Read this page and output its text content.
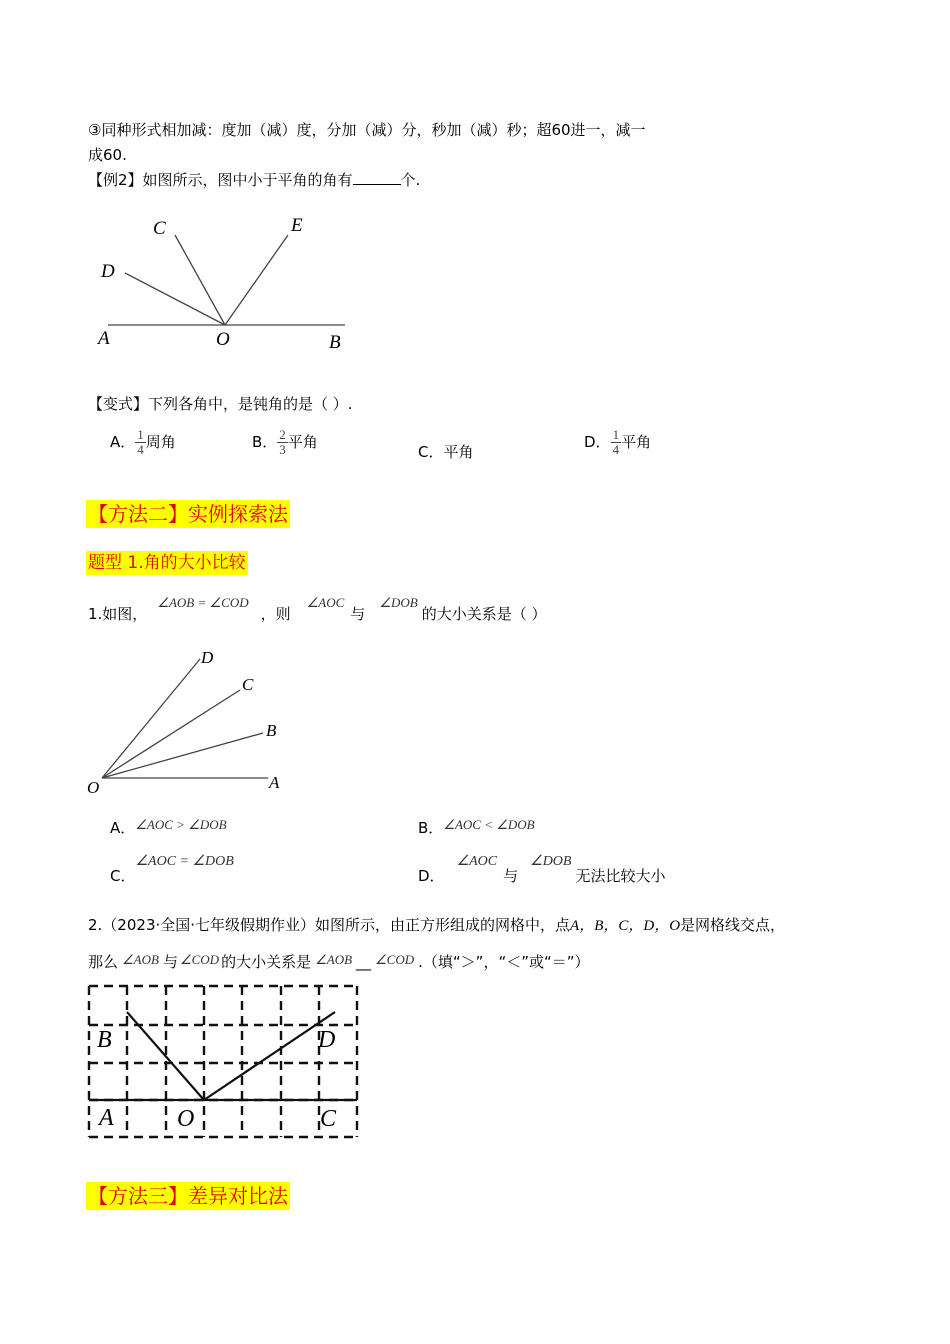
③同种形式相加减：度加（减）度，分加（减）分，秒加（减）秒；超60进一，减一
成60.
【例2】如图所示，图中小于平角的角有	个.
C	E
D
A	O	B
【变式】下列各角中，是钝角的是（ ）.
A． $\frac{1}{4}$ 周角	B． $\frac{2}{3}$ 平角
C．平角
D． $\frac{1}{4}$ 平角
【方法二】实例探索法
题型 1.角的大小比较
1.如图，∠AOB = ∠COD，则∠AOC与∠DOB的大小关系是（ ）
D
C
B
O	A
A．∠AOC > ∠DOB	B．∠AOC < ∠DOB
C．∠AOC = ∠DOB
D．∠AOC与∠DOB无法比较大小
2.（2023·全国·七年级假期作业）如图所示，由正方形组成的网格中，点A，B，C，D，O是网格线交点，
那么 ∠AOB 与 ∠COD 的大小关系是 ∠AOB __ ∠COD .（填“＞”，“＜”或“＝”）
B	D
A	O	C
【方法三】差异对比法
